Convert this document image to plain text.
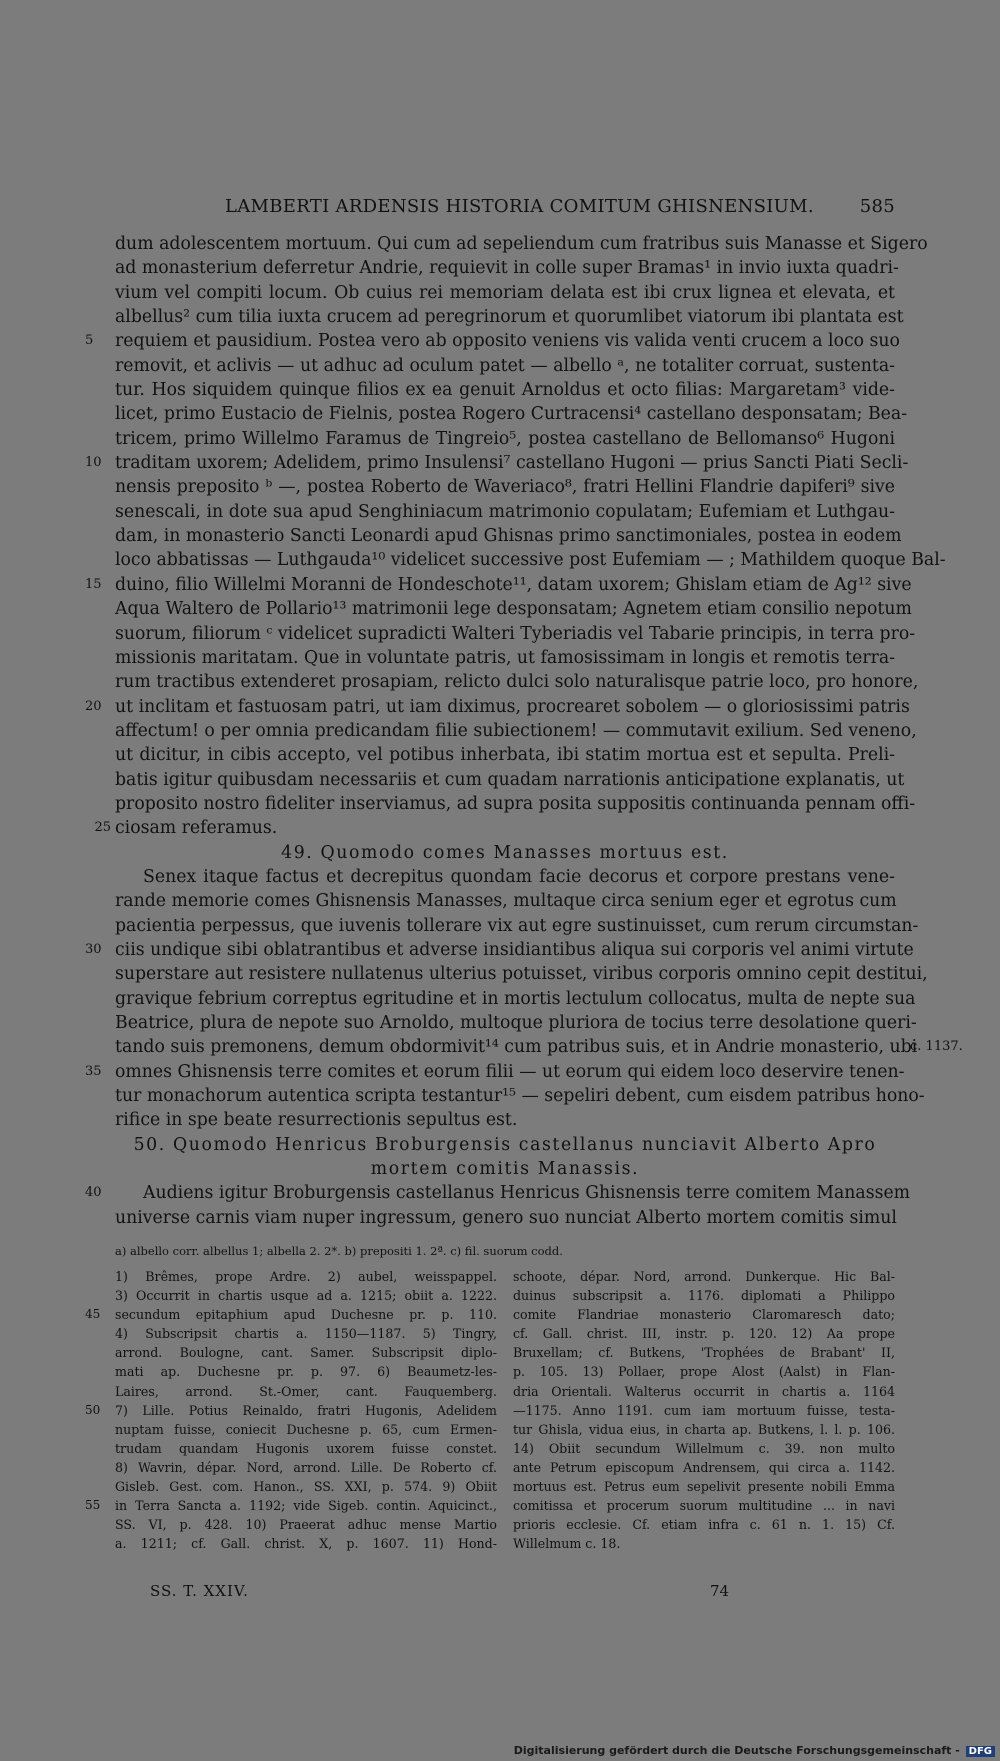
LAMBERTI ARDENSIS HISTORIA COMITUM GHISNENSIUM.	585
dum adolescentem mortuum. Qui cum ad sepeliendum cum fratribus suis Manasse et Sigero
ad monasterium deferretur Andrie, requievit in colle super Bramas¹ in invio iuxta quadri-
vium vel compiti locum. Ob cuius rei memoriam delata est ibi crux lignea et elevata, et
albellus² cum tilia iuxta crucem ad peregrinorum et quorumlibet viatorum ibi plantata est
requiem et pausidium. Postea vero ab opposito veniens vis valida venti crucem a loco suo
5
removit, et aclivis — ut adhuc ad oculum patet — albello ᵃ, ne totaliter corruat, sustenta-
tur. Hos siquidem quinque filios ex ea genuit Arnoldus et octo filias: Margaretam³ vide-
licet, primo Eustacio de Fielnis, postea Rogero Curtracensi⁴ castellano desponsatam; Bea-
tricem, primo Willelmo Faramus de Tingreio⁵, postea castellano de Bellomanso⁶ Hugoni
traditam uxorem; Adelidem, primo Insulensi⁷ castellano Hugoni — prius Sancti Piati Secli-
10
nensis preposito ᵇ —, postea Roberto de Waveriaco⁸, fratri Hellini Flandrie dapiferi⁹ sive
senescali, in dote sua apud Senghiniacum matrimonio copulatam; Eufemiam et Luthgau-
dam, in monasterio Sancti Leonardi apud Ghisnas primo sanctimoniales, postea in eodem
loco abbatissas — Luthgauda¹⁰ videlicet successive post Eufemiam — ; Mathildem quoque Bal-
duino, filio Willelmi Moranni de Hondeschote¹¹, datam uxorem; Ghislam etiam de Ag¹² sive
15
Aqua Waltero de Pollario¹³ matrimonii lege desponsatam; Agnetem etiam consilio nepotum
suorum, filiorum ᶜ videlicet supradicti Walteri Tyberiadis vel Tabarie principis, in terra pro-
missionis maritatam. Que in voluntate patris, ut famosissimam in longis et remotis terra-
rum tractibus extenderet prosapiam, relicto dulci solo naturalisque patrie loco, pro honore,
ut inclitam et fastuosam patri, ut iam diximus, procrearet sobolem — o gloriosissimi patris
20
affectum! o per omnia predicandam filie subiectionem! — commutavit exilium. Sed veneno,
ut dicitur, in cibis accepto, vel potibus inherbata, ibi statim mortua est et sepulta. Preli-
batis igitur quibusdam necessariis et cum quadam narrationis anticipatione explanatis, ut
proposito nostro fideliter inserviamus, ad supra posita suppositis continuanda pennam offi-
ciosam referamus.
25
49. Quomodo comes Manasses mortuus est.
Senex itaque factus et decrepitus quondam facie decorus et corpore prestans vene-
rande memorie comes Ghisnensis Manasses, multaque circa senium eger et egrotus cum
pacientia perpessus, que iuvenis tollerare vix aut egre sustinuisset, cum rerum circumstan-
ciis undique sibi oblatrantibus et adverse insidiantibus aliqua sui corporis vel animi virtute
30
superstare aut resistere nullatenus ulterius potuisset, viribus corporis omnino cepit destitui,
gravique febrium correptus egritudine et in mortis lectulum collocatus, multa de nepte sua
Beatrice, plura de nepote suo Arnoldo, multoque pluriora de tocius terre desolatione queri-
tando suis premonens, demum obdormivit¹⁴ cum patribus suis, et in Andrie monasterio, ubi
c. 1137.
omnes Ghisnensis terre comites et eorum filii — ut eorum qui eidem loco deservire tenen-
35
tur monachorum autentica scripta testantur¹⁵ — sepeliri debent, cum eisdem patribus hono-
rifice in spe beate resurrectionis sepultus est.
50. Quomodo Henricus Broburgensis castellanus nunciavit Alberto Apro
mortem comitis Manassis.
Audiens igitur Broburgensis castellanus Henricus Ghisnensis terre comitem Manassem
40
universe carnis viam nuper ingressum, genero suo nunciat Alberto mortem comitis simul
a) albello corr. albellus 1; albella 2. 2*. b) prepositi 1. 2ª. c) fil. suorum codd.
1) Brêmes, prope Ardre. 2) aubel, weisspappel.
3) Occurrit in chartis usque ad a. 1215; obiit a. 1222.
secundum epitaphium apud Duchesne pr. p. 110.
45
4) Subscripsit chartis a. 1150—1187. 5) Tingry,
arrond. Boulogne, cant. Samer. Subscripsit diplo-
mati ap. Duchesne pr. p. 97. 6) Beaumetz-les-
Laires, arrond. St.-Omer, cant. Fauquemberg.
7) Lille. Potius Reinaldo, fratri Hugonis, Adelidem
50
nuptam fuisse, coniecit Duchesne p. 65, cum Ermen-
trudam quandam Hugonis uxorem fuisse constet.
8) Wavrin, dépar. Nord, arrond. Lille. De Roberto cf.
Gisleb. Gest. com. Hanon., SS. XXI, p. 574. 9) Obiit
in Terra Sancta a. 1192; vide Sigeb. contin. Aquicinct.,
55
SS. VI, p. 428. 10) Praeerat adhuc mense Martio
a. 1211; cf. Gall. christ. X, p. 1607. 11) Hond-
schoote, dépar. Nord, arrond. Dunkerque. Hic Bal-
duinus subscripsit a. 1176. diplomati a Philippo
comite Flandriae monasterio Claromaresch dato;
cf. Gall. christ. III, instr. p. 120. 12) Aa prope
Bruxellam; cf. Butkens, 'Trophées de Brabant' II,
p. 105. 13) Pollaer, prope Alost (Aalst) in Flan-
dria Orientali. Walterus occurrit in chartis a. 1164
—1175. Anno 1191. cum iam mortuum fuisse, testa-
tur Ghisla, vidua eius, in charta ap. Butkens, l. l. p. 106.
14) Obiit secundum Willelmum c. 39. non multo
ante Petrum episcopum Andrensem, qui circa a. 1142.
mortuus est. Petrus eum sepelivit presente nobili Emma
comitissa et procerum suorum multitudine ... in navi
prioris ecclesie. Cf. etiam infra c. 61 n. 1. 15) Cf.
Willelmum c. 18.
SS. T. XXIV.	74
Digitalisierung gefördert durch die Deutsche Forschungsgemeinschaft - DFG
